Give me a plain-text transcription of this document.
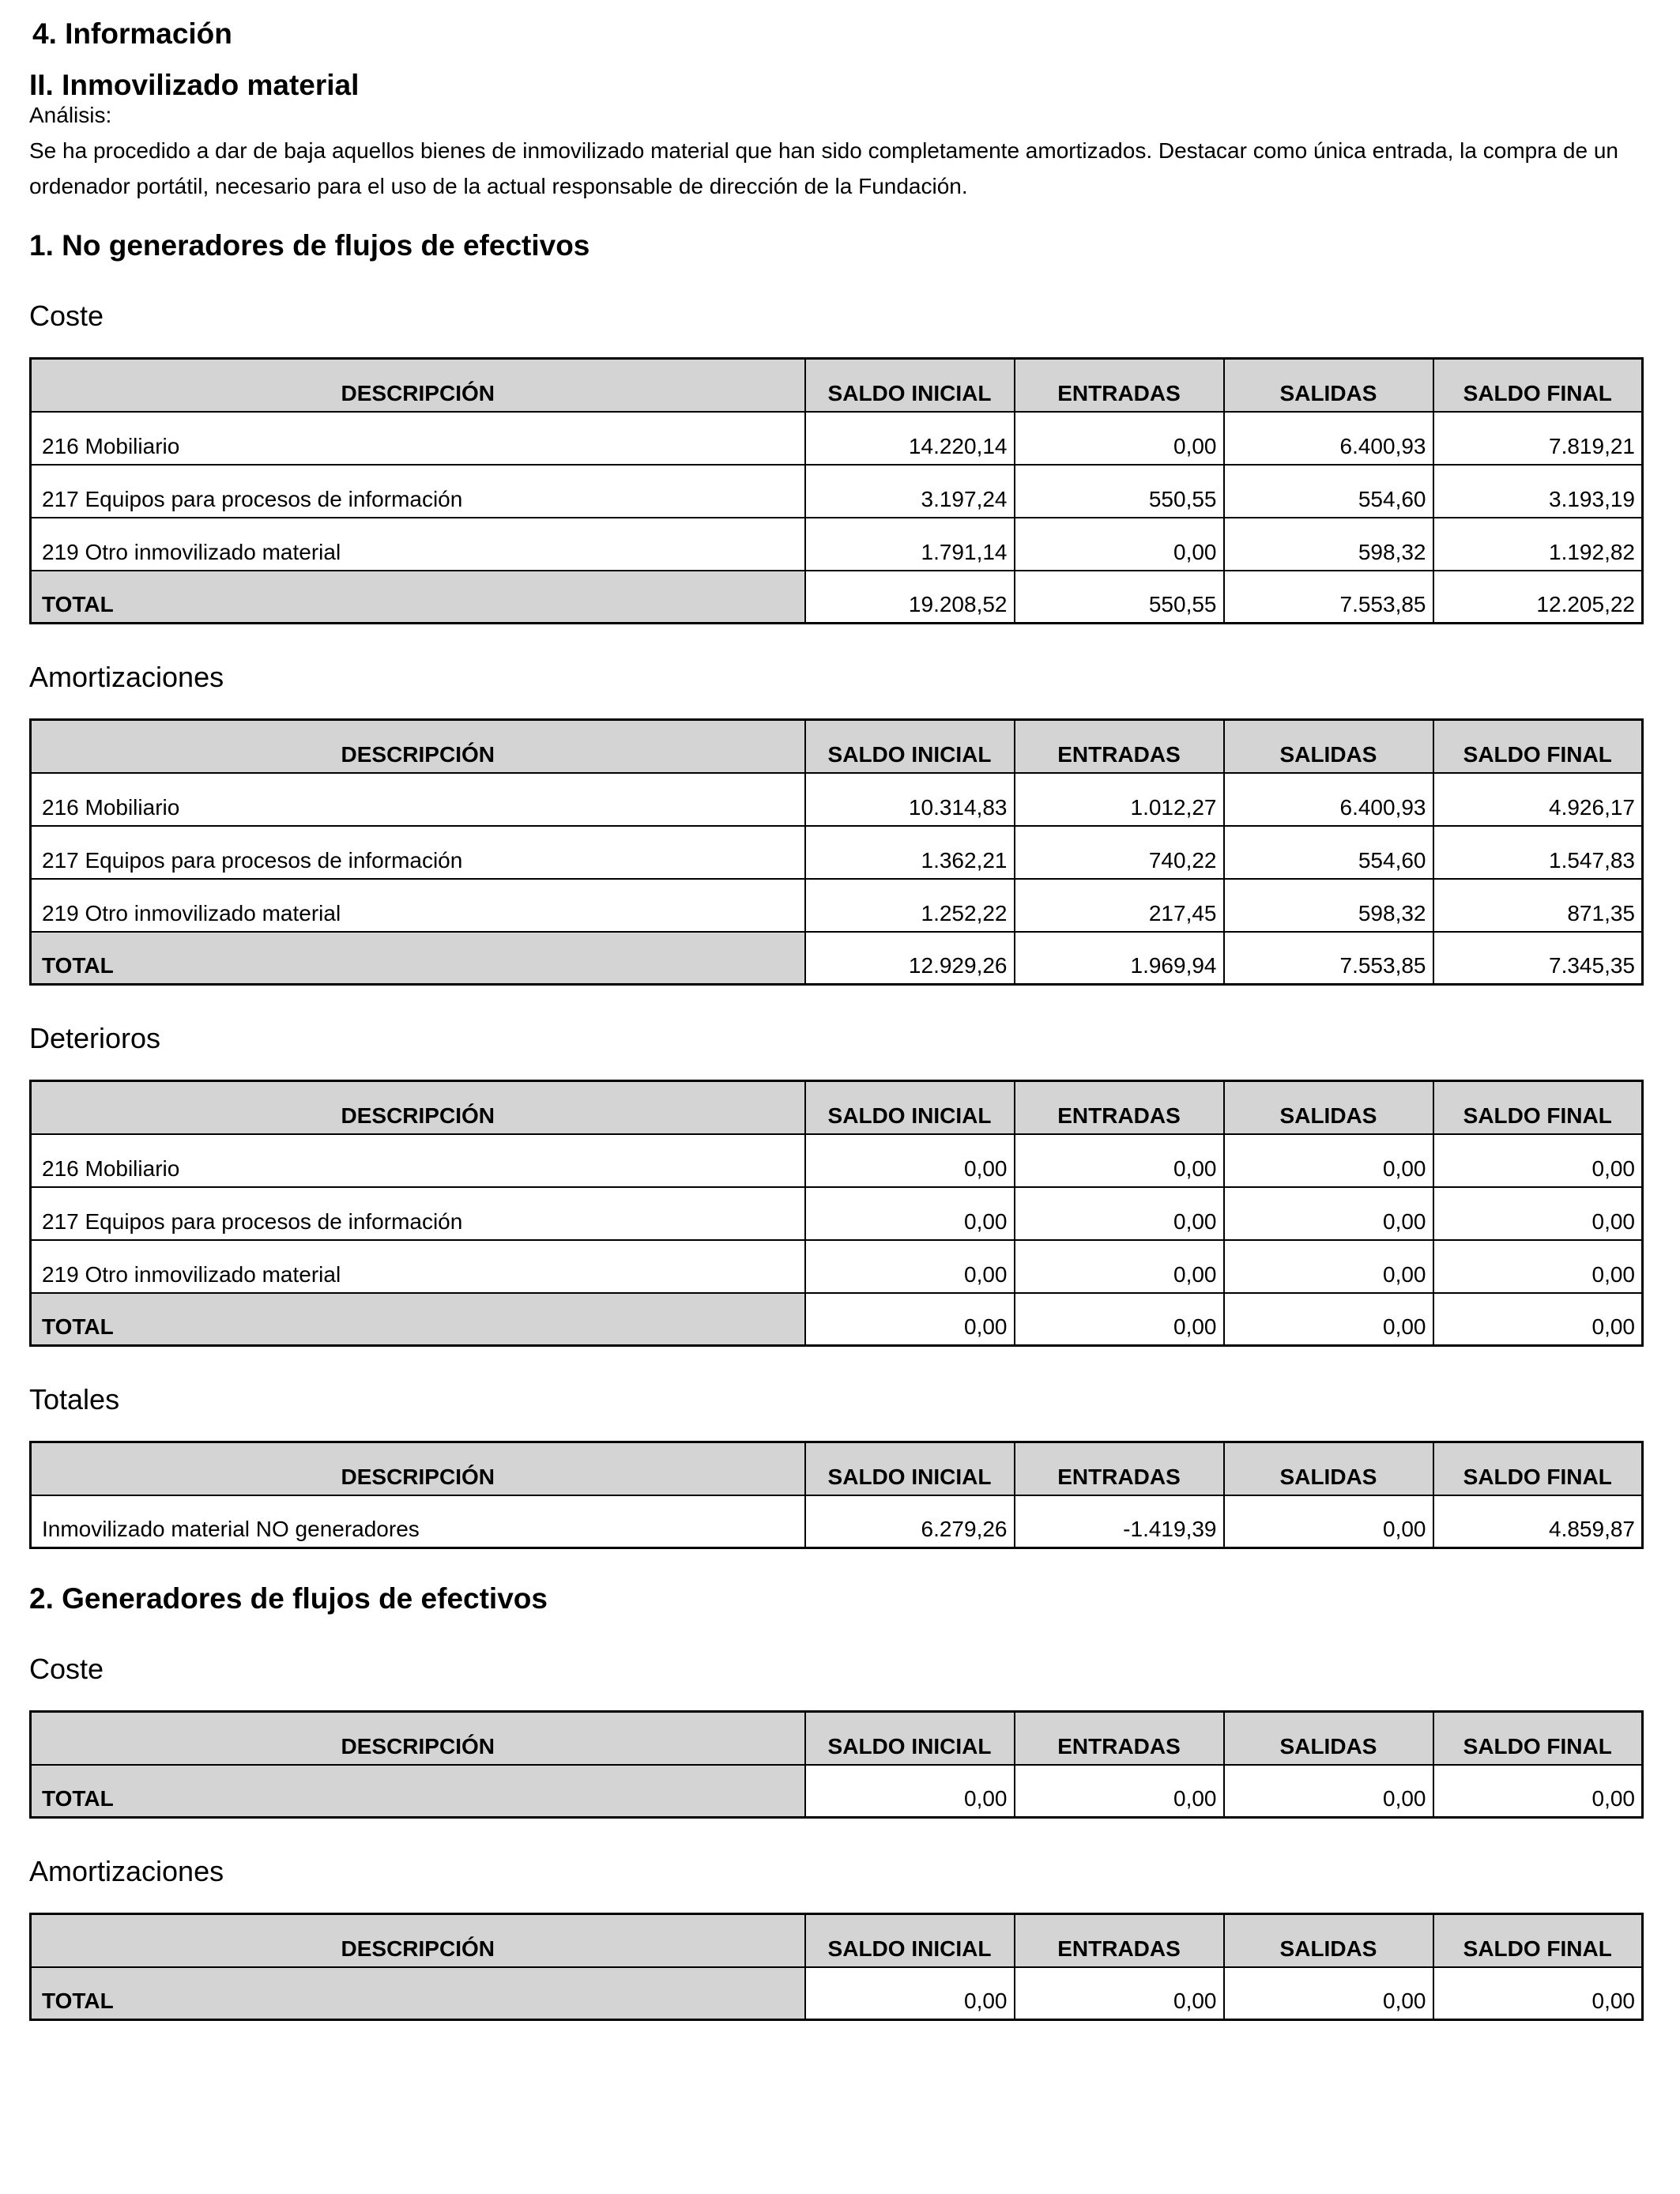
4. Información
II. Inmovilizado material
Análisis:

Se ha procedido a dar de baja aquellos bienes de inmovilizado material que han sido completamente amortizados. Destacar como única entrada, la compra de un ordenador portátil, necesario para el uso de la actual responsable de dirección de la Fundación.

1. No generadores de flujos de efectivos
Coste
DESCRIPCIÓN	SALDO INICIAL	ENTRADAS	SALIDAS	SALDO FINAL
216 Mobiliario	14.220,14	0,00	6.400,93	7.819,21
217 Equipos para procesos de información	3.197,24	550,55	554,60	3.193,19
219 Otro inmovilizado material	1.791,14	0,00	598,32	1.192,82
TOTAL	19.208,52	550,55	7.553,85	12.205,22
Amortizaciones
DESCRIPCIÓN	SALDO INICIAL	ENTRADAS	SALIDAS	SALDO FINAL
216 Mobiliario	10.314,83	1.012,27	6.400,93	4.926,17
217 Equipos para procesos de información	1.362,21	740,22	554,60	1.547,83
219 Otro inmovilizado material	1.252,22	217,45	598,32	871,35
TOTAL	12.929,26	1.969,94	7.553,85	7.345,35
Deterioros
DESCRIPCIÓN	SALDO INICIAL	ENTRADAS	SALIDAS	SALDO FINAL
216 Mobiliario	0,00	0,00	0,00	0,00
217 Equipos para procesos de información	0,00	0,00	0,00	0,00
219 Otro inmovilizado material	0,00	0,00	0,00	0,00
TOTAL	0,00	0,00	0,00	0,00
Totales
DESCRIPCIÓN	SALDO INICIAL	ENTRADAS	SALIDAS	SALDO FINAL
Inmovilizado material NO generadores	6.279,26	-1.419,39	0,00	4.859,87
2. Generadores de flujos de efectivos
Coste
DESCRIPCIÓN	SALDO INICIAL	ENTRADAS	SALIDAS	SALDO FINAL
TOTAL	0,00	0,00	0,00	0,00
Amortizaciones
DESCRIPCIÓN	SALDO INICIAL	ENTRADAS	SALIDAS	SALDO FINAL
TOTAL	0,00	0,00	0,00	0,00
